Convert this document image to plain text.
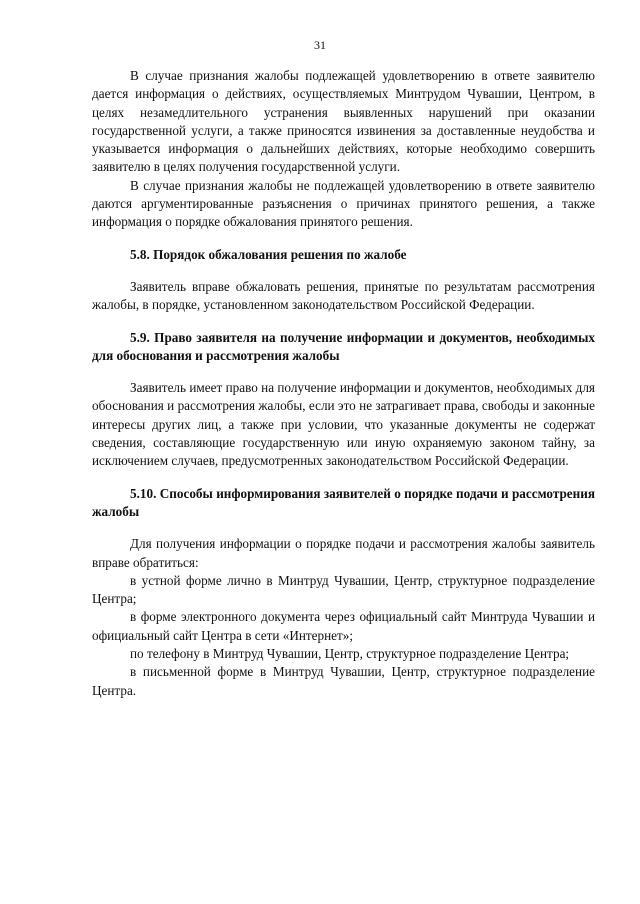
31

В случае признания жалобы подлежащей удовлетворению в ответе заявителю дается информация о действиях, осуществляемых Минтрудом Чувашии, Центром, в целях незамедлительного устранения выявленных нарушений при оказании государственной услуги, а также приносятся извинения за доставленные неудобства и указывается информация о дальнейших действиях, которые необходимо совершить заявителю в целях получения государственной услуги.

В случае признания жалобы не подлежащей удовлетворению в ответе заявителю даются аргументированные разъяснения о причинах принятого решения, а также информация о порядке обжалования принятого решения.

5.8. Порядок обжалования решения по жалобе

Заявитель вправе обжаловать решения, принятые по результатам рассмотрения жалобы, в порядке, установленном законодательством Российской Федерации.

5.9. Право заявителя на получение информации и документов, необходимых для обоснования и рассмотрения жалобы

Заявитель имеет право на получение информации и документов, необходимых для обоснования и рассмотрения жалобы, если это не затрагивает права, свободы и законные интересы других лиц, а также при условии, что указанные документы не содержат сведения, составляющие государственную или иную охраняемую законом тайну, за исключением случаев, предусмотренных законодательством Российской Федерации.

5.10. Способы информирования заявителей о порядке подачи и рассмотрения жалобы

Для получения информации о порядке подачи и рассмотрения жалобы заявитель вправе обратиться:

в устной форме лично в Минтруд Чувашии, Центр, структурное подразделение Центра;

в форме электронного документа через официальный сайт Минтруда Чувашии и официальный сайт Центра в сети «Интернет»;

по телефону в Минтруд Чувашии, Центр, структурное подразделение Центра;

в письменной форме в Минтруд Чувашии, Центр, структурное подразделение Центра.
